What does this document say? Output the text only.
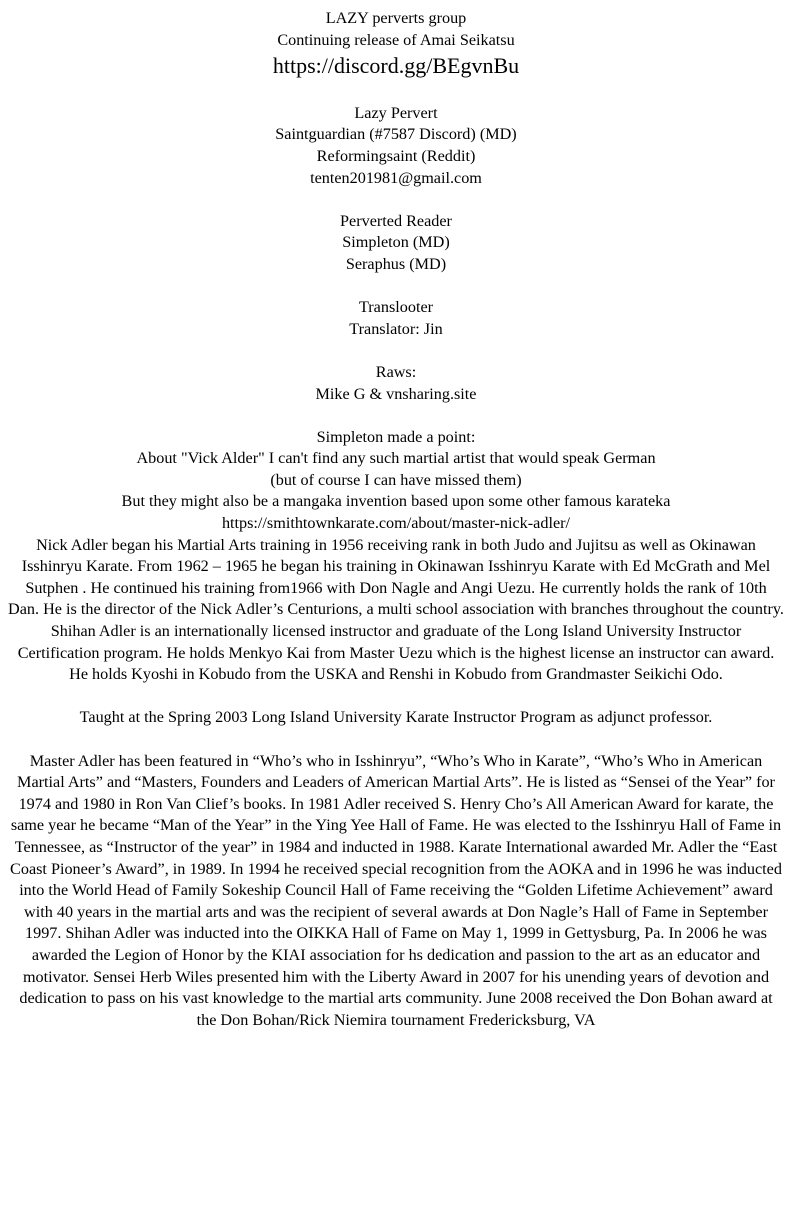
LAZY perverts group

Continuing release of Amai Seikatsu

https://discord.gg/BEgvnBu

Lazy Pervert

Saintguardian (#7587 Discord) (MD)

Reformingsaint (Reddit)

tenten201981@gmail.com

Perverted Reader

Simpleton (MD)

Seraphus (MD)

Translooter

Translator: Jin

Raws:

Mike G & vnsharing.site

Simpleton made a point:

About "Vick Alder" I can't find any such martial artist that would speak German

(but of course I can have missed them)

But they might also be a mangaka invention based upon some other famous karateka

https://smithtownkarate.com/about/master-nick-adler/

Nick Adler began his Martial Arts training in 1956 receiving rank in both Judo and Jujitsu as well as Okinawan Isshinryu Karate. From 1962 – 1965 he began his training in Okinawan Isshinryu Karate with Ed McGrath and Mel Sutphen . He continued his training from1966 with Don Nagle and Angi Uezu. He currently holds the rank of 10th Dan. He is the director of the Nick Adler’s Centurions, a multi school association with branches throughout the country. Shihan Adler is an internationally licensed instructor and graduate of the Long Island University Instructor Certification program. He holds Menkyo Kai from Master Uezu which is the highest license an instructor can award. He holds Kyoshi in Kobudo from the USKA and Renshi in Kobudo from Grandmaster Seikichi Odo.

Taught at the Spring 2003 Long Island University Karate Instructor Program as adjunct professor.

Master Adler has been featured in “Who’s who in Isshinryu”, “Who’s Who in Karate”, “Who’s Who in American Martial Arts” and “Masters, Founders and Leaders of American Martial Arts”. He is listed as “Sensei of the Year” for 1974 and 1980 in Ron Van Clief’s books. In 1981 Adler received S. Henry Cho’s All American Award for karate, the same year he became “Man of the Year” in the Ying Yee Hall of Fame. He was elected to the Isshinryu Hall of Fame in Tennessee, as “Instructor of the year” in 1984 and inducted in 1988. Karate International awarded Mr. Adler the “East Coast Pioneer’s Award”, in 1989. In 1994 he received special recognition from the AOKA and in 1996 he was inducted into the World Head of Family Sokeship Council Hall of Fame receiving the “Golden Lifetime Achievement” award with 40 years in the martial arts and was the recipient of several awards at Don Nagle’s Hall of Fame in September 1997. Shihan Adler was inducted into the OIKKA Hall of Fame on May 1, 1999 in Gettysburg, Pa. In 2006 he was awarded the Legion of Honor by the KIAI association for hs dedication and passion to the art as an educator and motivator. Sensei Herb Wiles presented him with the Liberty Award in 2007 for his unending years of devotion and dedication to pass on his vast knowledge to the martial arts community. June 2008 received the Don Bohan award at the Don Bohan/Rick Niemira tournament Fredericksburg, VA
